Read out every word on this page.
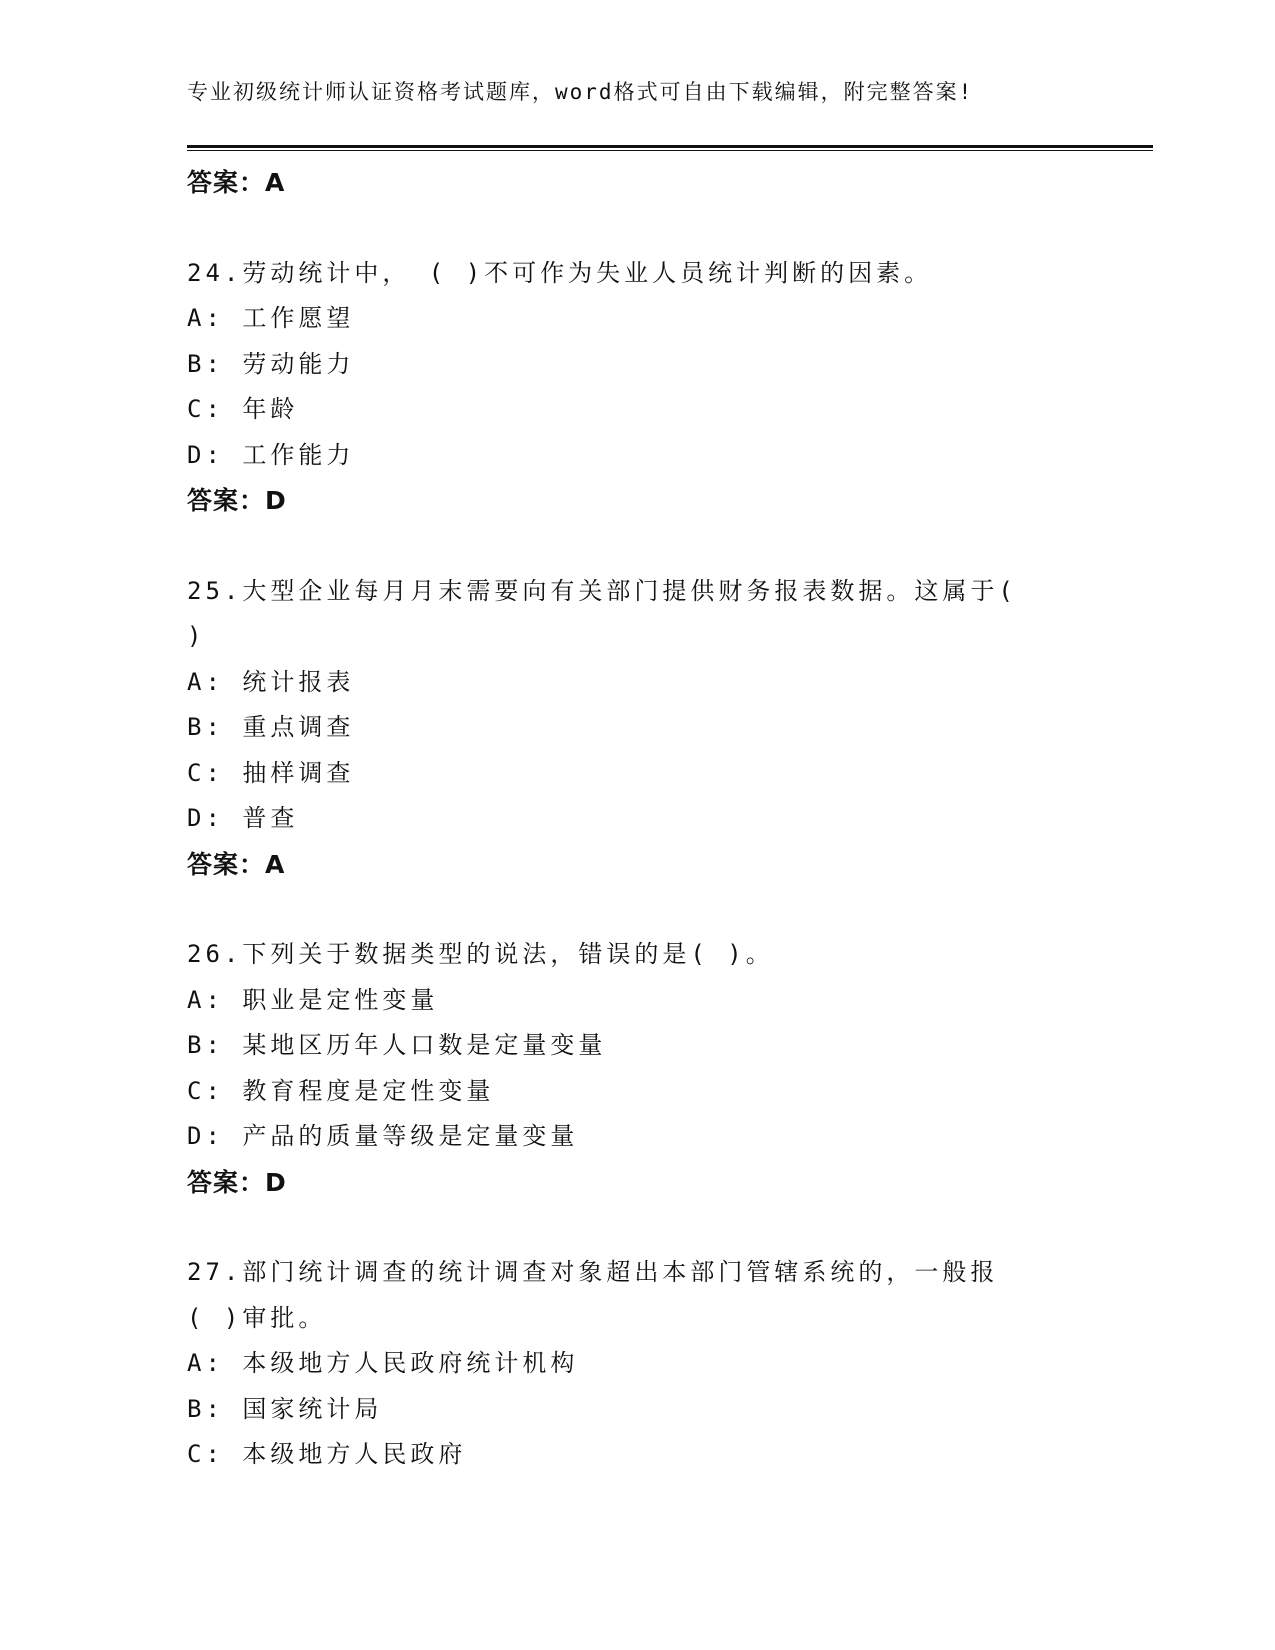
专业初级统计师认证资格考试题库，word格式可自由下载编辑，附完整答案!
答案：A
24.劳动统计中， ( )不可作为失业人员统计判断的因素。
A: 工作愿望
B: 劳动能力
C: 年龄
D: 工作能力
答案：D
25.大型企业每月月末需要向有关部门提供财务报表数据。这属于(
)
A: 统计报表
B: 重点调查
C: 抽样调查
D: 普查
答案：A
26.下列关于数据类型的说法，错误的是( )。
A: 职业是定性变量
B: 某地区历年人口数是定量变量
C: 教育程度是定性变量
D: 产品的质量等级是定量变量
答案：D
27.部门统计调查的统计调查对象超出本部门管辖系统的，一般报
( )审批。
A: 本级地方人民政府统计机构
B: 国家统计局
C: 本级地方人民政府
